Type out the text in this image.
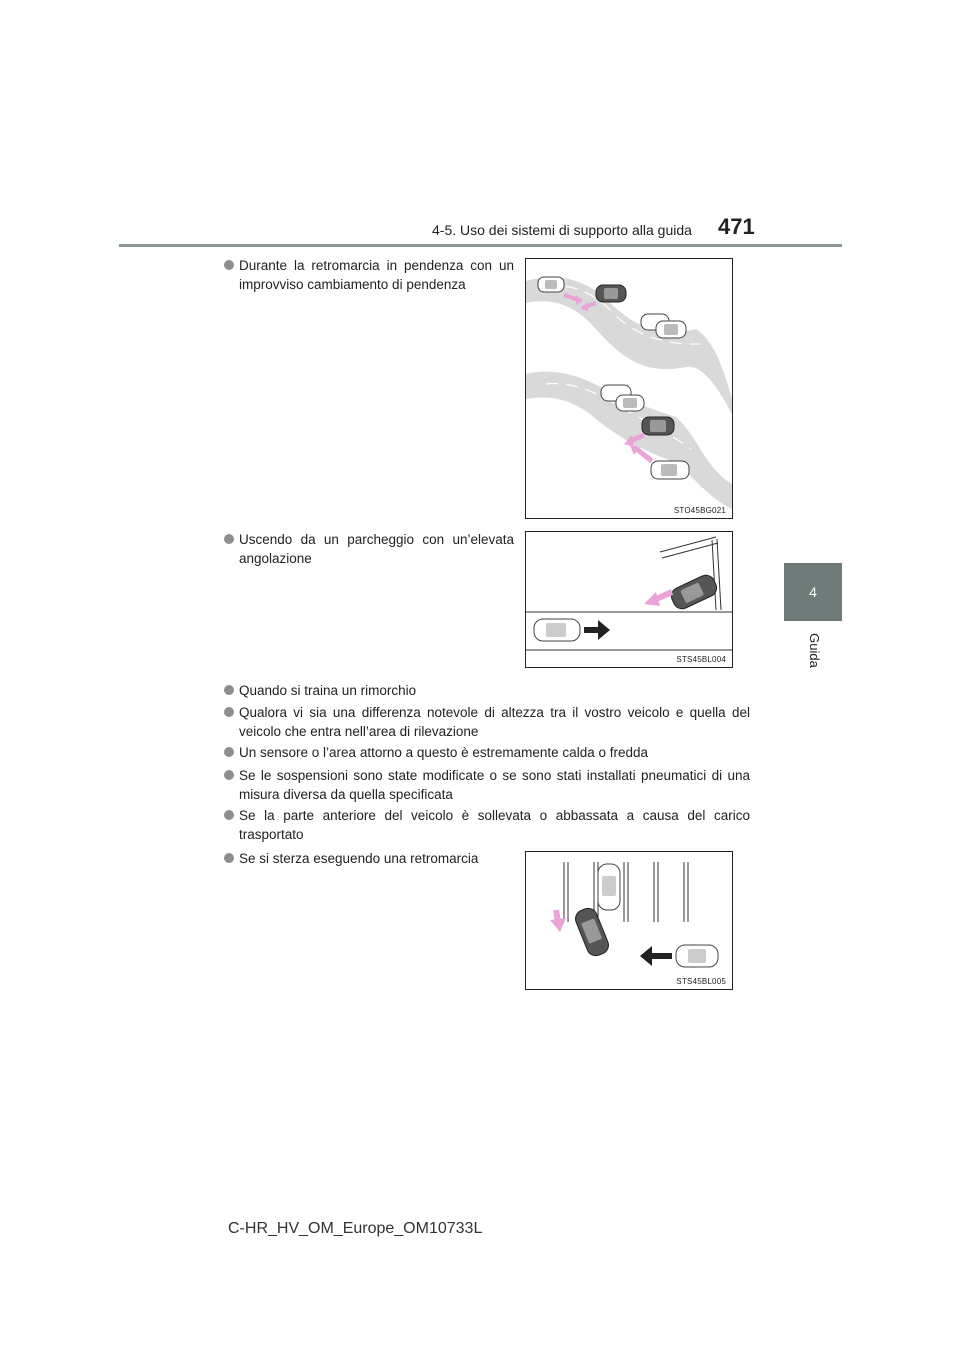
4-5. Uso dei sistemi di supporto alla guida 471
4
Guida
Durante la retromarcia in pendenza con un improvviso cambiamento di pendenza
Uscendo da un parcheggio con un’elevata angolazione
Quando si traina un rimorchio
Qualora vi sia una differenza notevole di altezza tra il vostro veicolo e quella del veicolo che entra nell’area di rilevazione
Un sensore o l’area attorno a questo è estremamente calda o fredda
Se le sospensioni sono state modificate o se sono stati installati pneumatici di una misura diversa da quella specificata
Se la parte anteriore del veicolo è sollevata o abbassata a causa del carico trasportato
Se si sterza eseguendo una retromarcia
STO45BG021
STS45BL004
STS45BL005
C-HR_HV_OM_Europe_OM10733L
